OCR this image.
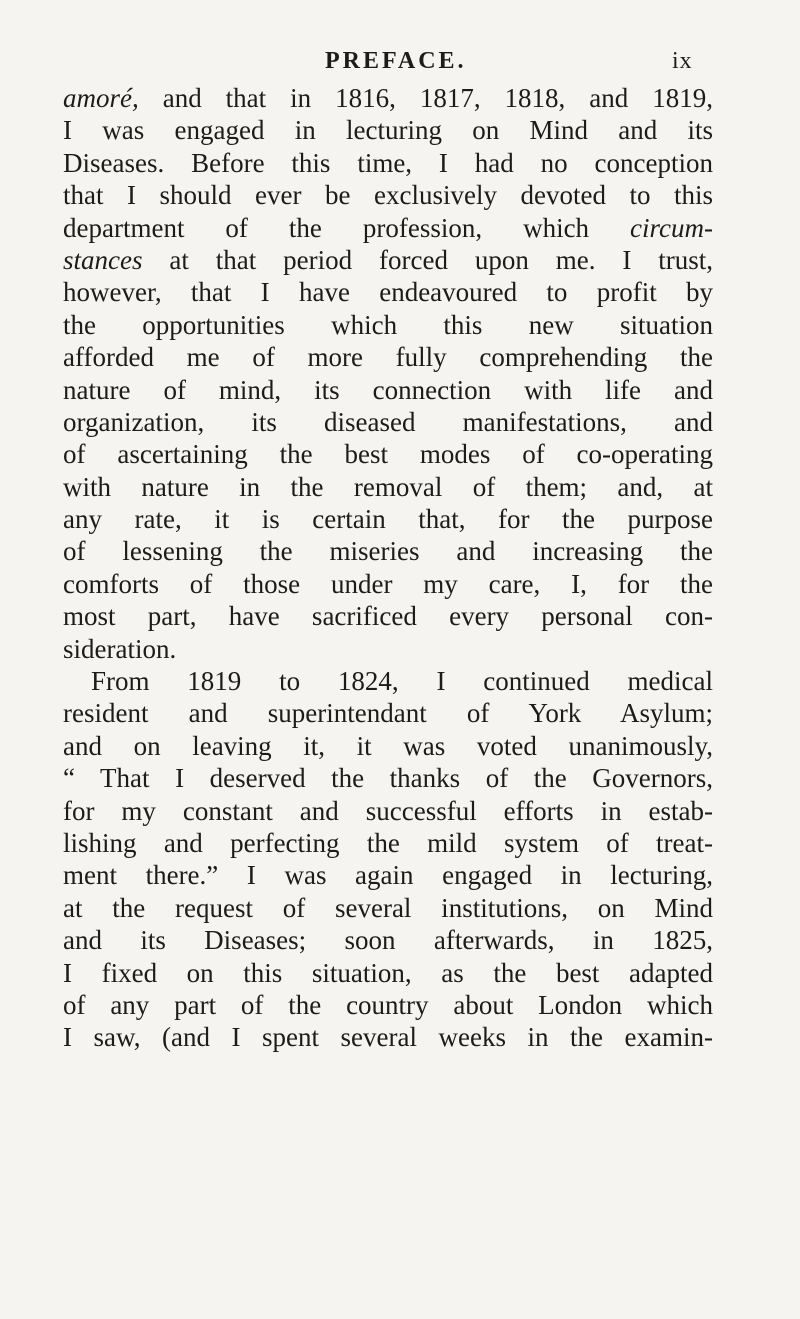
PREFACE.	ix
amoré, and that in 1816, 1817, 1818, and 1819,
I was engaged in lecturing on Mind and its
Diseases. Before this time, I had no conception
that I should ever be exclusively devoted to this
department of the profession, which circum-
stances at that period forced upon me. I trust,
however, that I have endeavoured to profit by
the opportunities which this new situation
afforded me of more fully comprehending the
nature of mind, its connection with life and
organization, its diseased manifestations, and
of ascertaining the best modes of co-operating
with nature in the removal of them; and, at
any rate, it is certain that, for the purpose
of lessening the miseries and increasing the
comforts of those under my care, I, for the
most part, have sacrificed every personal con-
sideration.
From 1819 to 1824, I continued medical
resident and superintendant of York Asylum;
and on leaving it, it was voted unanimously,
“ That I deserved the thanks of the Governors,
for my constant and successful efforts in estab-
lishing and perfecting the mild system of treat-
ment there.” I was again engaged in lecturing,
at the request of several institutions, on Mind
and its Diseases; soon afterwards, in 1825,
I fixed on this situation, as the best adapted
of any part of the country about London which
I saw, (and I spent several weeks in the examin-
